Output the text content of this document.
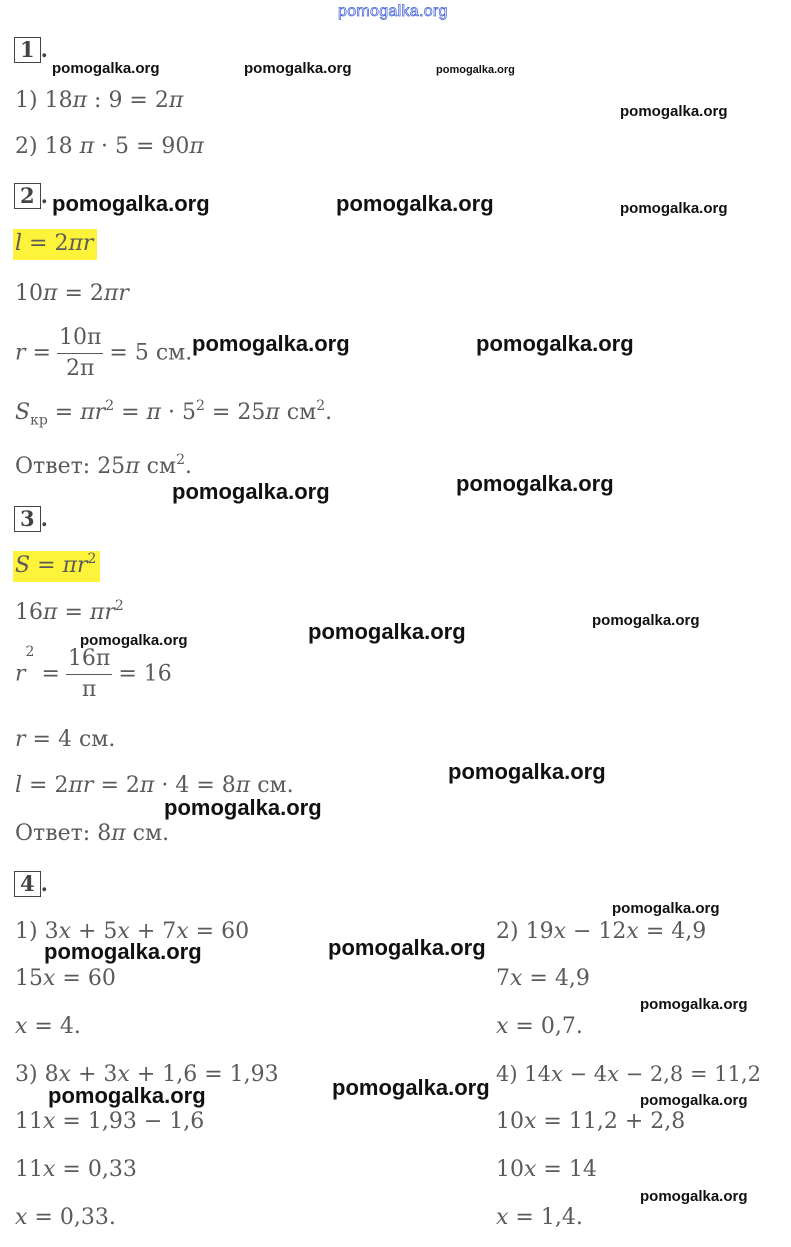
pomogalka.org
1 .
1) 18π : 9 = 2π
2) 18 π · 5 = 90π
2 .
l = 2πr
10π = 2πr
$r = \frac{10\pi}{2\pi} = 5$ см.
$S_{кр} = \pi r^2 = \pi \cdot 5^2 = 25\pi$ $см^2$.
Ответ: 25π $см^2$.
3 .
$S = \pi r^2$
$16\pi = \pi r^2$
$r^2 = \frac{16\pi}{\pi} = 16$
r = 4 см.
l = 2πr = 2π · 4 = 8π см.
Ответ: 8π см.
4 .
1) 3x + 5x + 7x = 60
15x = 60
x = 4.
3) 8x + 3x + 1,6 = 1,93
11x = 1,93 − 1,6
11x = 0,33
x = 0,33.
2) 19x − 12x = 4,9
7x = 4,9
x = 0,7.
4) 14x − 4x − 2,8 = 11,2
10x = 11,2 + 2,8
10x = 14
x = 1,4.
pomogalka.org	pomogalka.org	pomogalka.org
pomogalka.org
pomogalka.org	pomogalka.org	pomogalka.org
pomogalka.org	pomogalka.org
pomogalka.org	pomogalka.org
pomogalka.org
pomogalka.org	pomogalka.org
pomogalka.org
pomogalka.org
pomogalka.org
pomogalka.org	pomogalka.org
pomogalka.org
pomogalka.org	pomogalka.org
pomogalka.org
pomogalka.org
